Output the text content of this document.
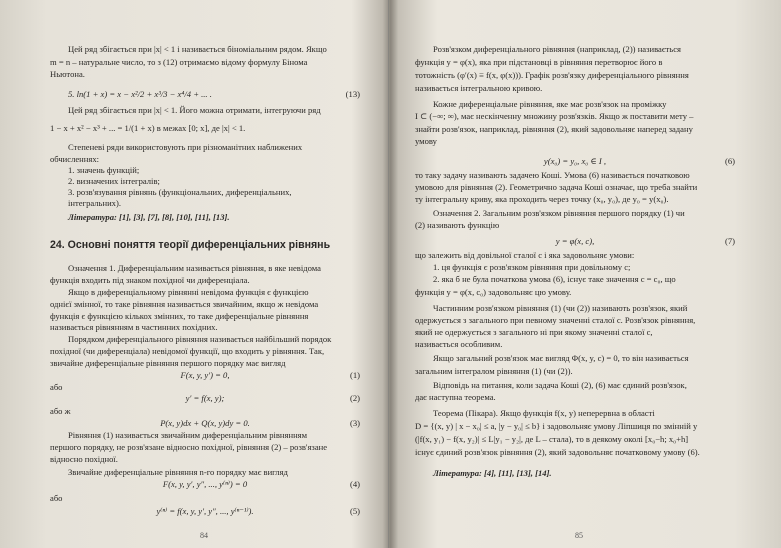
Цей ряд збігається при |x| < 1 і називається біноміальним рядом. Якщо
m = n – натуральне число, то з (12) отримаємо відому формулу Бінома
Ньютона.
5. ln(1 + x) = x − x²/2 + x³/3 − x⁴/4 + ... .	(13)
Цей ряд збігається при |x| < 1. Його можна отримати, інтегруючи ряд
1 − x + x² − x³ + ... = 1/(1 + x) в межах [0; x], де |x| < 1.
Степеневі ряди використовують при різноманітних наближених
обчисленнях:
1. значень функцій;
2. визначених інтегралів;
3. розв'язування рівнянь (функціональних, диференціальних,
інтегральних).
Література: [1], [3], [7], [8], [10], [11], [13].
24. Основні поняття теорії диференціальних рівнянь
Означення 1. Диференціальним називається рівняння, в яке невідома
функція входить під знаком похідної чи диференціала.
Якщо в диференціальному рівнянні невідома функція є функцією
однієї змінної, то таке рівняння називається звичайним, якщо ж невідома
функція є функцією кількох змінних, то таке диференціальне рівняння
називається рівнянням в частинних похідних.
Порядком диференціального рівняння називається найбільший порядок
похідної (чи диференціала) невідомої функції, що входить у рівняння. Так,
звичайне диференціальне рівняння першого порядку має вигляд
F(x, y, y′) = 0,	(1)
або
y′ = f(x, y);	(2)
або ж
P(x, y)dx + Q(x, y)dy = 0.	(3)
Рівняння (1) називається звичайним диференціальним рівнянням
першого порядку, не розв'язане відносно похідної, рівняння (2) – розв'язане
відносно похідної.
Звичайне диференціальне рівняння n-го порядку має вигляд
F(x, y, y′, y″, ..., y⁽ⁿ⁾) = 0	(4)
або
y⁽ⁿ⁾ = f(x, y, y′, y″, ..., y⁽ⁿ⁻¹⁾).	(5)
84
Розв'язком диференціального рівняння (наприклад, (2)) називається
функція y = φ(x), яка при підстановці в рівняння перетворює його в
тотожність (φ′(x) ≡ f(x, φ(x))). Графік розв'язку диференціального рівняння
називається інтегральною кривою.
Кожне диференціальне рівняння, яке має розв'язок на проміжку
I ⊂ (−∞; ∞), має нескінченну множину розв'язків. Якщо ж поставити мету –
знайти розв'язок, наприклад, рівняння (2), який задовольняє наперед задану
умову
y(x₀) = y₀, x₀ ∈ I ,	(6)
то таку задачу називають задачею Коші. Умова (6) називається початковою
умовою для рівняння (2). Геометрично задача Коші означає, що треба знайти
ту інтегральну криву, яка проходить через точку (x₀, y₀), де y₀ = y(x₀).
Означення 2. Загальним розв'язком рівняння першого порядку (1) чи
(2) називають функцію
y = φ(x, c),	(7)
що залежить від довільної сталої c і яка задовольняє умови:
1. ця функція є розв'язком рівняння при довільному c;
2. яка б не була початкова умова (6), існує таке значення c = c₀, що
функція y = φ(x, c₀) задовольняє цю умову.
Частинним розв'язком рівняння (1) (чи (2)) називають розв'язок, який
одержується з загального при певному значенні сталої c. Розв'язок рівняння,
який не одержується з загального ні при якому значенні сталої c,
називається особливим.
Якщо загальний розв'язок має вигляд Φ(x, y, c) = 0, то він називається
загальним інтегралом рівняння (1) (чи (2)).
Відповідь на питання, коли задача Коші (2), (6) має єдиний розв'язок,
дає наступна теорема.
Теорема (Пікара). Якщо функція f(x, y) неперервна в області
D = {(x, y) | x − x₀| ≤ a, |y − y₀| ≤ b} і задовольняє умову Ліпшиця по змінній y
(|f(x, y₁) − f(x, y₂)| ≤ L|y₁ − y₂|, де L – стала), то в деякому околі [x₀−h; x₀+h]
існує єдиний розв'язок рівняння (2), який задовольняє початковому умову (6).
Література: [4], [11], [13], [14].
85
